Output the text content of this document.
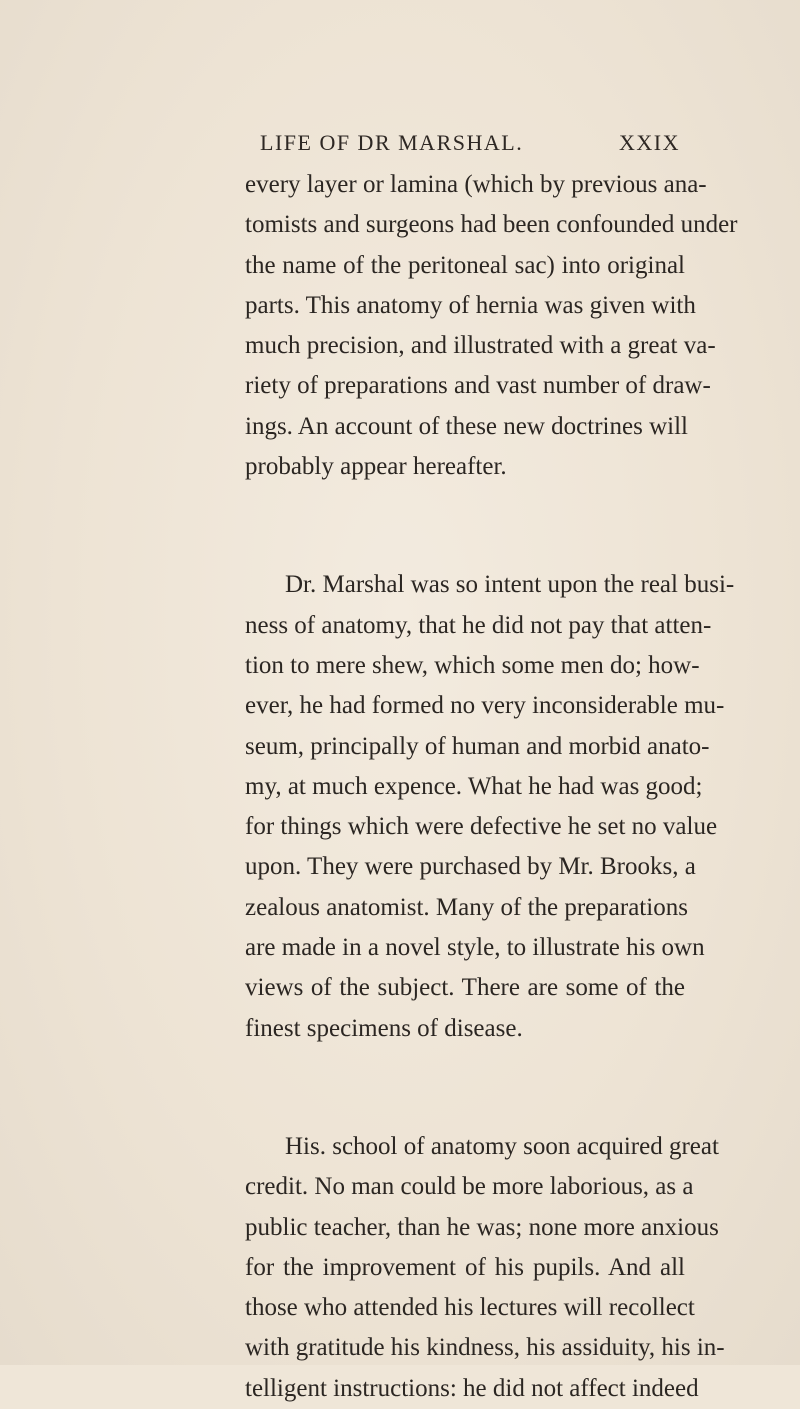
LIFE OF DR MARSHAL.	XXIX
every layer or lamina (which by previous ana-
tomists and surgeons had been confounded under
the name of the peritoneal sac) into original
parts. This anatomy of hernia was given with
much precision, and illustrated with a great va-
riety of preparations and vast number of draw-
ings. An account of these new doctrines will
probably appear hereafter.
Dr. Marshal was so intent upon the real busi-
ness of anatomy, that he did not pay that atten-
tion to mere shew, which some men do; how-
ever, he had formed no very inconsiderable mu-
seum, principally of human and morbid anato-
my, at much expence. What he had was good;
for things which were defective he set no value
upon. They were purchased by Mr. Brooks, a
zealous anatomist. Many of the preparations
are made in a novel style, to illustrate his own
views of the subject. There are some of the
finest specimens of disease.
His. school of anatomy soon acquired great
credit. No man could be more laborious, as a
public teacher, than he was; none more anxious
for the improvement of his pupils. And all
those who attended his lectures will recollect
with gratitude his kindness, his assiduity, his in-
telligent instructions: he did not affect indeed
